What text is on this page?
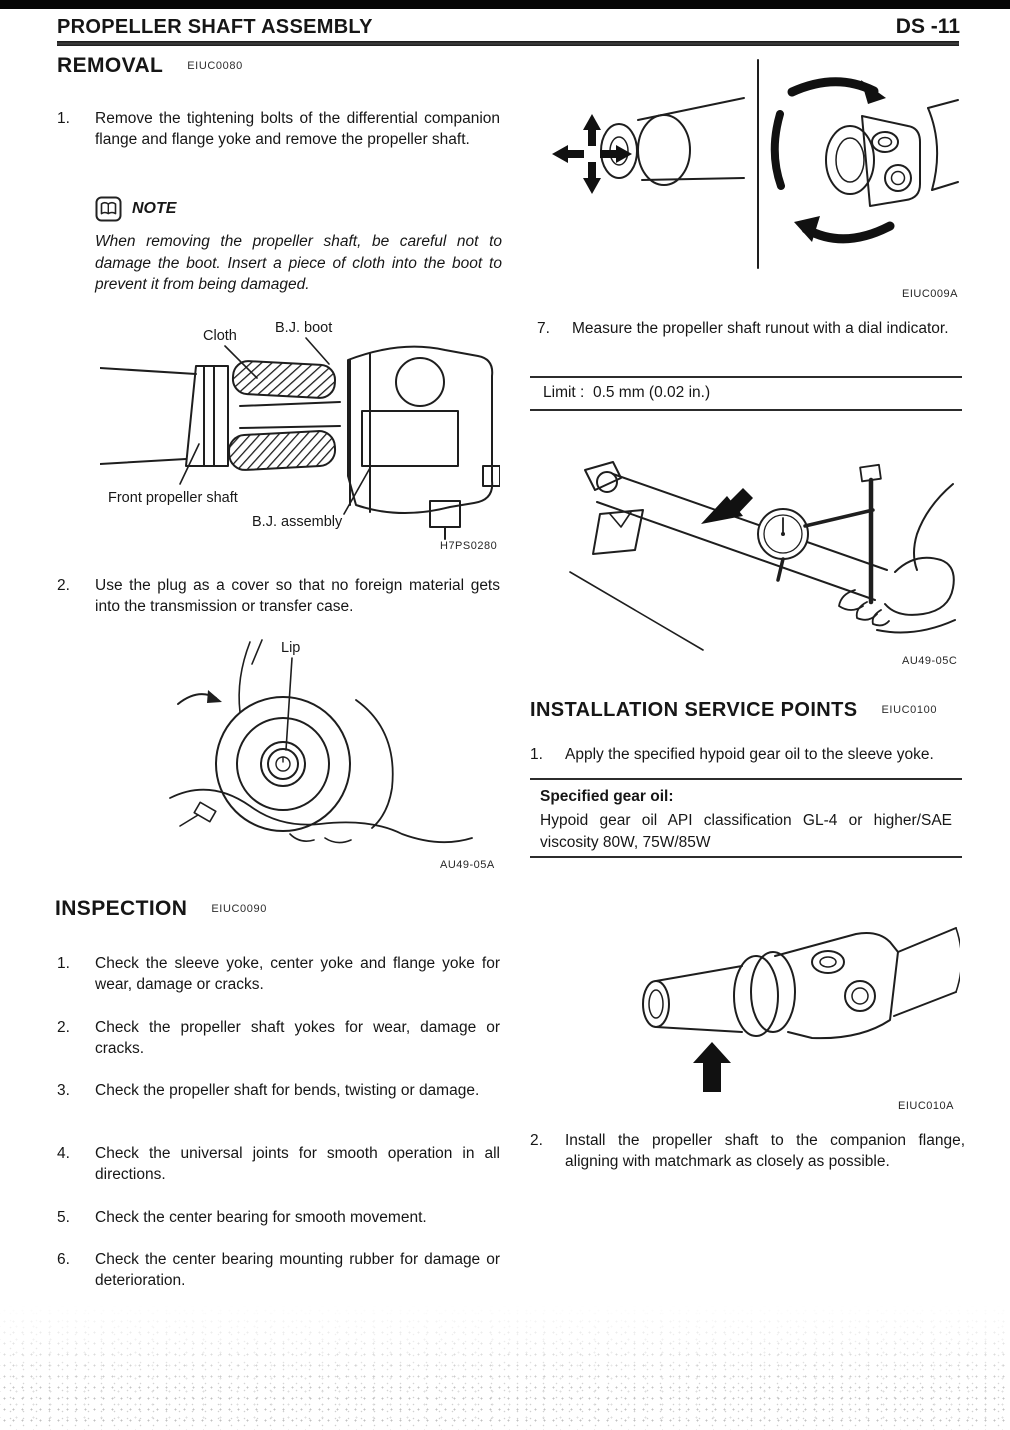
PROPELLER SHAFT ASSEMBLY	DS -11
REMOVAL EIUC0080
1.	Remove the tightening bolts of the differential companion flange and flange yoke and remove the propeller shaft.
NOTE
When removing the propeller shaft, be careful not to damage the boot. Insert a piece of cloth into the boot to prevent it from being damaged.
Cloth	B.J. boot
Front propeller shaft
B.J. assembly
H7PS0280
2.	Use the plug as a cover so that no foreign material gets into the transmission or transfer case.
Lip
AU49-05A
INSPECTION EIUC0090
1.	Check the sleeve yoke, center yoke and flange yoke for wear, damage or cracks.
2.	Check the propeller shaft yokes for wear, damage or cracks.
3.	Check the propeller shaft for bends, twisting or damage.
4.	Check the universal joints for smooth operation in all directions.
5.	Check the center bearing for smooth movement.
6.	Check the center bearing mounting rubber for damage or deterioration.
EIUC009A
7.	Measure the propeller shaft runout with a dial indicator.
Limit :  0.5 mm (0.02 in.)
AU49-05C
INSTALLATION SERVICE POINTS EIUC0100
1.	Apply the specified hypoid gear oil to the sleeve yoke.
Specified gear oil:
Hypoid gear oil API classification GL-4 or higher/SAE viscosity 80W, 75W/85W
EIUC010A
2.	Install the propeller shaft to the companion flange, aligning with matchmark as closely as possible.
